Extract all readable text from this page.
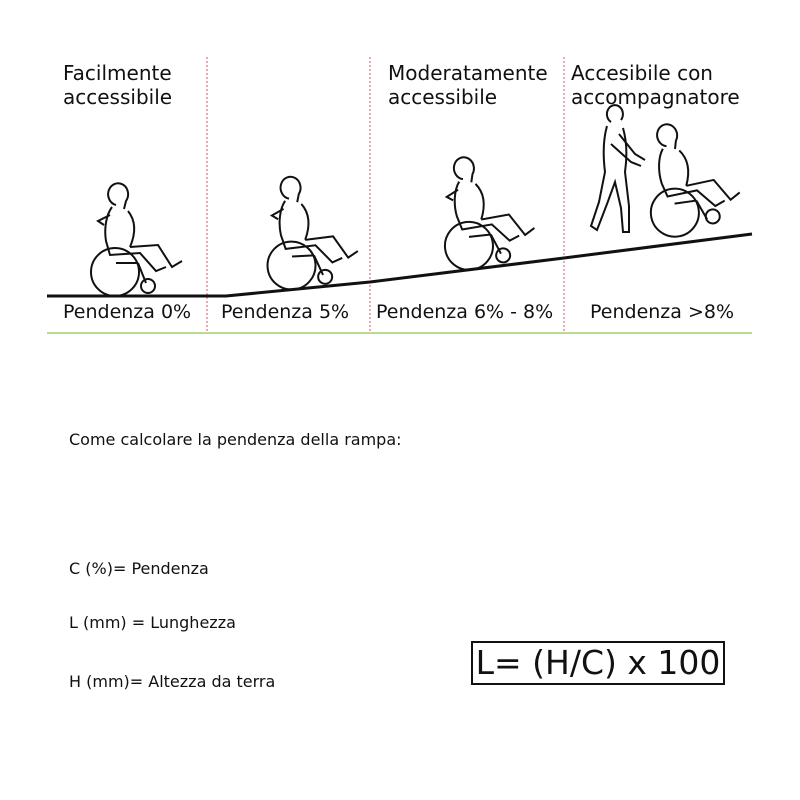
Facilmente
accessibile
Moderatamente
accessibile
Accesibile con
accompagnatore
Pendenza 0% Pendenza 5% Pendenza 6% - 8% Pendenza >8%
Come calcolare la pendenza della rampa:
C (%)= Pendenza
L (mm) = Lunghezza
H (mm)= Altezza da terra	L= (H/C) x 100
